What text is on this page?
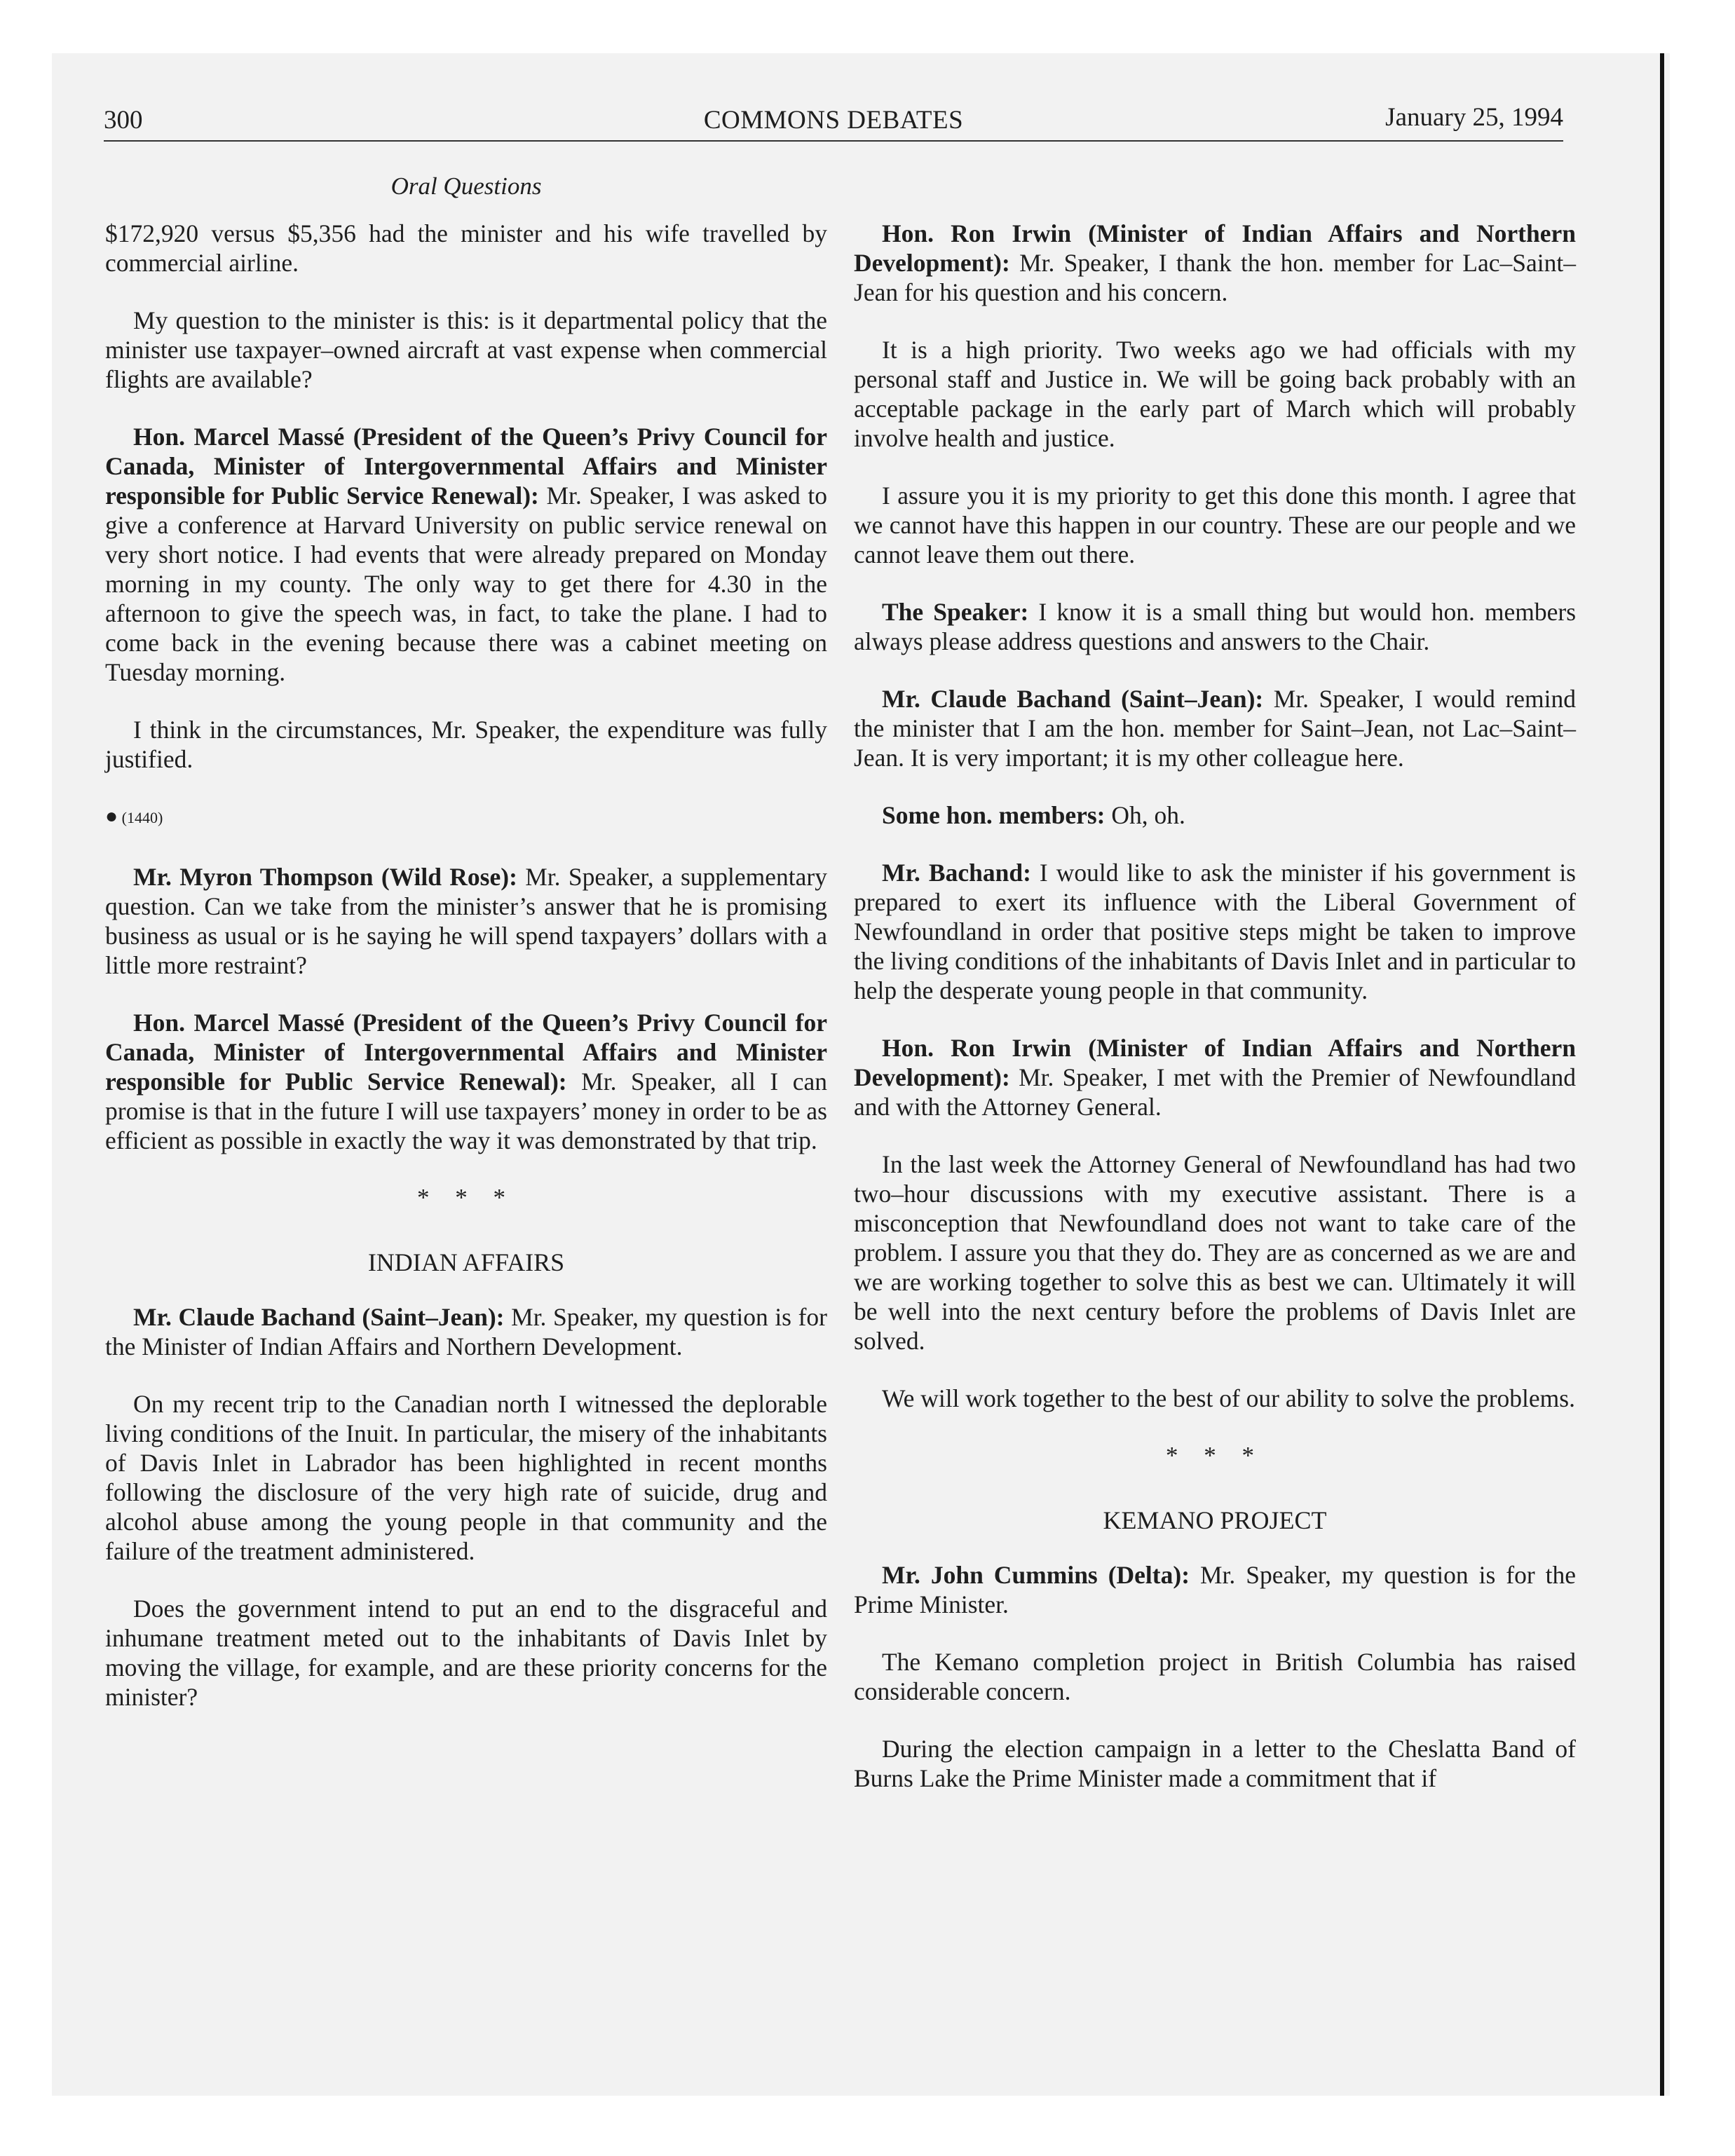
300	COMMONS DEBATES	January 25, 1994
Oral Questions

$172,920 versus $5,356 had the minister and his wife travelled by commercial airline.

My question to the minister is this: is it departmental policy that the minister use taxpayer–owned aircraft at vast expense when commercial flights are available?

Hon. Marcel Massé (President of the Queen’s Privy Council for Canada, Minister of Intergovernmental Affairs and Minister responsible for Public Service Renewal): Mr. Speaker, I was asked to give a conference at Harvard University on public service renewal on very short notice. I had events that were already prepared on Monday morning in my county. The only way to get there for 4.30 in the afternoon to give the speech was, in fact, to take the plane. I had to come back in the evening because there was a cabinet meeting on Tuesday morning.

I think in the circumstances, Mr. Speaker, the expenditure was fully justified.

● (1440)

Mr. Myron Thompson (Wild Rose): Mr. Speaker, a supplementary question. Can we take from the minister’s answer that he is promising business as usual or is he saying he will spend taxpayers’ dollars with a little more restraint?

Hon. Marcel Massé (President of the Queen’s Privy Council for Canada, Minister of Intergovernmental Affairs and Minister responsible for Public Service Renewal): Mr. Speaker, all I can promise is that in the future I will use taxpayers’ money in order to be as efficient as possible in exactly the way it was demonstrated by that trip.

* * *
INDIAN AFFAIRS

Mr. Claude Bachand (Saint–Jean): Mr. Speaker, my question is for the Minister of Indian Affairs and Northern Development.

On my recent trip to the Canadian north I witnessed the deplorable living conditions of the Inuit. In particular, the misery of the inhabitants of Davis Inlet in Labrador has been highlighted in recent months following the disclosure of the very high rate of suicide, drug and alcohol abuse among the young people in that community and the failure of the treatment administered.

Does the government intend to put an end to the disgraceful and inhumane treatment meted out to the inhabitants of Davis Inlet by moving the village, for example, and are these priority concerns for the minister?

Hon. Ron Irwin (Minister of Indian Affairs and Northern Development): Mr. Speaker, I thank the hon. member for Lac–Saint–Jean for his question and his concern.

It is a high priority. Two weeks ago we had officials with my personal staff and Justice in. We will be going back probably with an acceptable package in the early part of March which will probably involve health and justice.

I assure you it is my priority to get this done this month. I agree that we cannot have this happen in our country. These are our people and we cannot leave them out there.

The Speaker: I know it is a small thing but would hon. members always please address questions and answers to the Chair.

Mr. Claude Bachand (Saint–Jean): Mr. Speaker, I would remind the minister that I am the hon. member for Saint–Jean, not Lac–Saint–Jean. It is very important; it is my other colleague here.

Some hon. members: Oh, oh.

Mr. Bachand: I would like to ask the minister if his government is prepared to exert its influence with the Liberal Government of Newfoundland in order that positive steps might be taken to improve the living conditions of the inhabitants of Davis Inlet and in particular to help the desperate young people in that community.

Hon. Ron Irwin (Minister of Indian Affairs and Northern Development): Mr. Speaker, I met with the Premier of Newfoundland and with the Attorney General.

In the last week the Attorney General of Newfoundland has had two two–hour discussions with my executive assistant. There is a misconception that Newfoundland does not want to take care of the problem. I assure you that they do. They are as concerned as we are and we are working together to solve this as best we can. Ultimately it will be well into the next century before the problems of Davis Inlet are solved.

We will work together to the best of our ability to solve the problems.

* * *
KEMANO PROJECT

Mr. John Cummins (Delta): Mr. Speaker, my question is for the Prime Minister.

The Kemano completion project in British Columbia has raised considerable concern.

During the election campaign in a letter to the Cheslatta Band of Burns Lake the Prime Minister made a commitment that if
